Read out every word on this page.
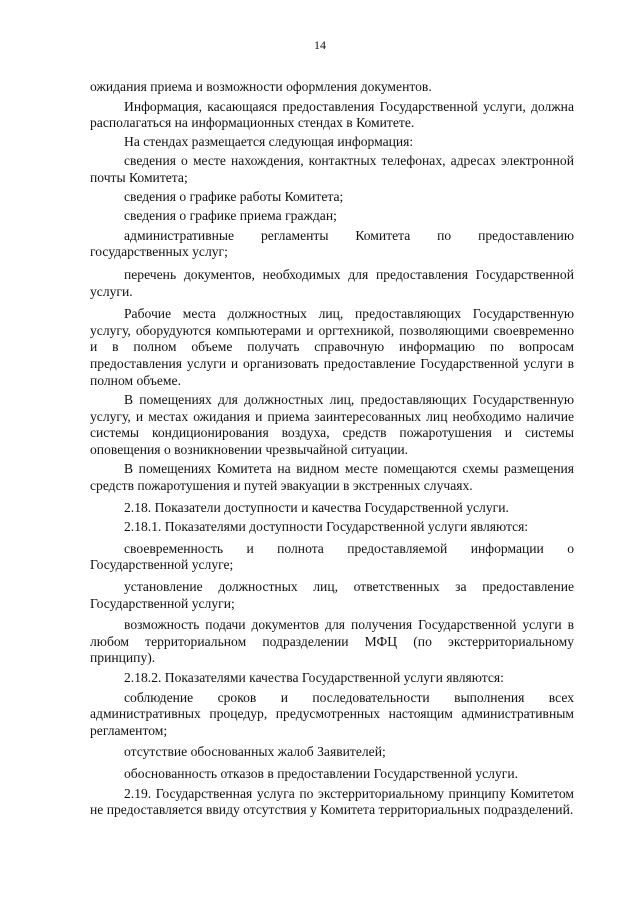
14

ожидания приема и возможности оформления документов.

Информация, касающаяся предоставления Государственной услуги, должна располагаться на информационных стендах в Комитете.

На стендах размещается следующая информация:

сведения о месте нахождения, контактных телефонах, адресах электронной почты Комитета;

сведения о графике работы Комитета;

сведения о графике приема граждан;

административные регламенты Комитета по предоставлению государственных услуг;

перечень документов, необходимых для предоставления Государственной услуги.

Рабочие места должностных лиц, предоставляющих Государственную услугу, оборудуются компьютерами и оргтехникой, позволяющими своевременно и в полном объеме получать справочную информацию по вопросам предоставления услуги и организовать предоставление Государственной услуги в полном объеме.

В помещениях для должностных лиц, предоставляющих Государственную услугу, и местах ожидания и приема заинтересованных лиц необходимо наличие системы кондиционирования воздуха, средств пожаротушения и системы оповещения о возникновении чрезвычайной ситуации.

В помещениях Комитета на видном месте помещаются схемы размещения средств пожаротушения и путей эвакуации в экстренных случаях.

2.18. Показатели доступности и качества Государственной услуги.

2.18.1. Показателями доступности Государственной услуги являются:

своевременность и полнота предоставляемой информации о Государственной услуге;

установление должностных лиц, ответственных за предоставление Государственной услуги;

возможность подачи документов для получения Государственной услуги в любом территориальном подразделении МФЦ (по экстерриториальному принципу).

2.18.2. Показателями качества Государственной услуги являются:

соблюдение сроков и последовательности выполнения всех административных процедур, предусмотренных настоящим административным регламентом;

отсутствие обоснованных жалоб Заявителей;

обоснованность отказов в предоставлении Государственной услуги.

2.19. Государственная услуга по экстерриториальному принципу Комитетом не предоставляется ввиду отсутствия у Комитета территориальных подразделений.
